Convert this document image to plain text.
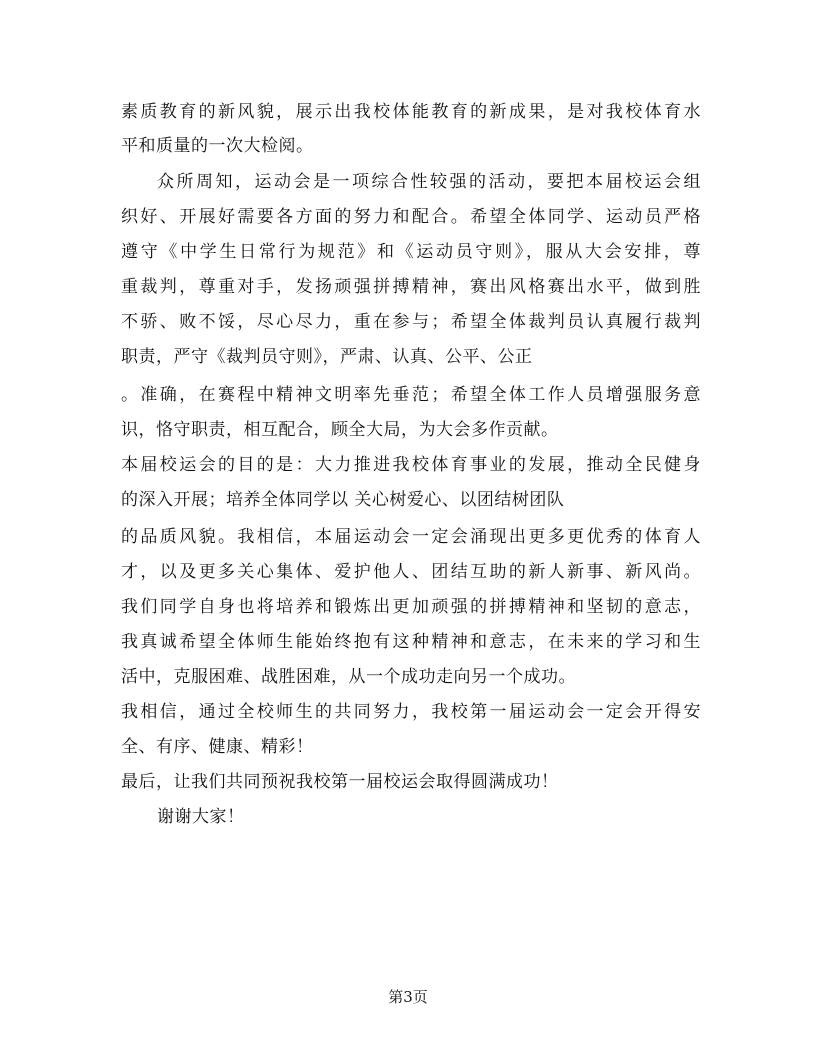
素质教育的新风貌，展示出我校体能教育的新成果，是对我校体育水
平和质量的一次大检阅。
众所周知，运动会是一项综合性较强的活动，要把本届校运会组
织好、开展好需要各方面的努力和配合。希望全体同学、运动员严格
遵守《中学生日常行为规范》和《运动员守则》，服从大会安排，尊
重裁判，尊重对手，发扬顽强拼搏精神，赛出风格赛出水平，做到胜
不骄、败不馁，尽心尽力，重在参与；希望全体裁判员认真履行裁判
职责，严守《裁判员守则》，严肃、认真、公平、公正
。准确，在赛程中精神文明率先垂范；希望全体工作人员增强服务意
识，恪守职责，相互配合，顾全大局，为大会多作贡献。
本届校运会的目的是：大力推进我校体育事业的发展，推动全民健身
的深入开展；培养全体同学以 关心树爱心、以团结树团队
的品质风貌。我相信，本届运动会一定会涌现出更多更优秀的体育人
才，以及更多关心集体、爱护他人、团结互助的新人新事、新风尚。
我们同学自身也将培养和锻炼出更加顽强的拼搏精神和坚韧的意志，
我真诚希望全体师生能始终抱有这种精神和意志，在未来的学习和生
活中，克服困难、战胜困难，从一个成功走向另一个成功。
我相信，通过全校师生的共同努力，我校第一届运动会一定会开得安
全、有序、健康、精彩！
最后，让我们共同预祝我校第一届校运会取得圆满成功！
谢谢大家！
第3页
